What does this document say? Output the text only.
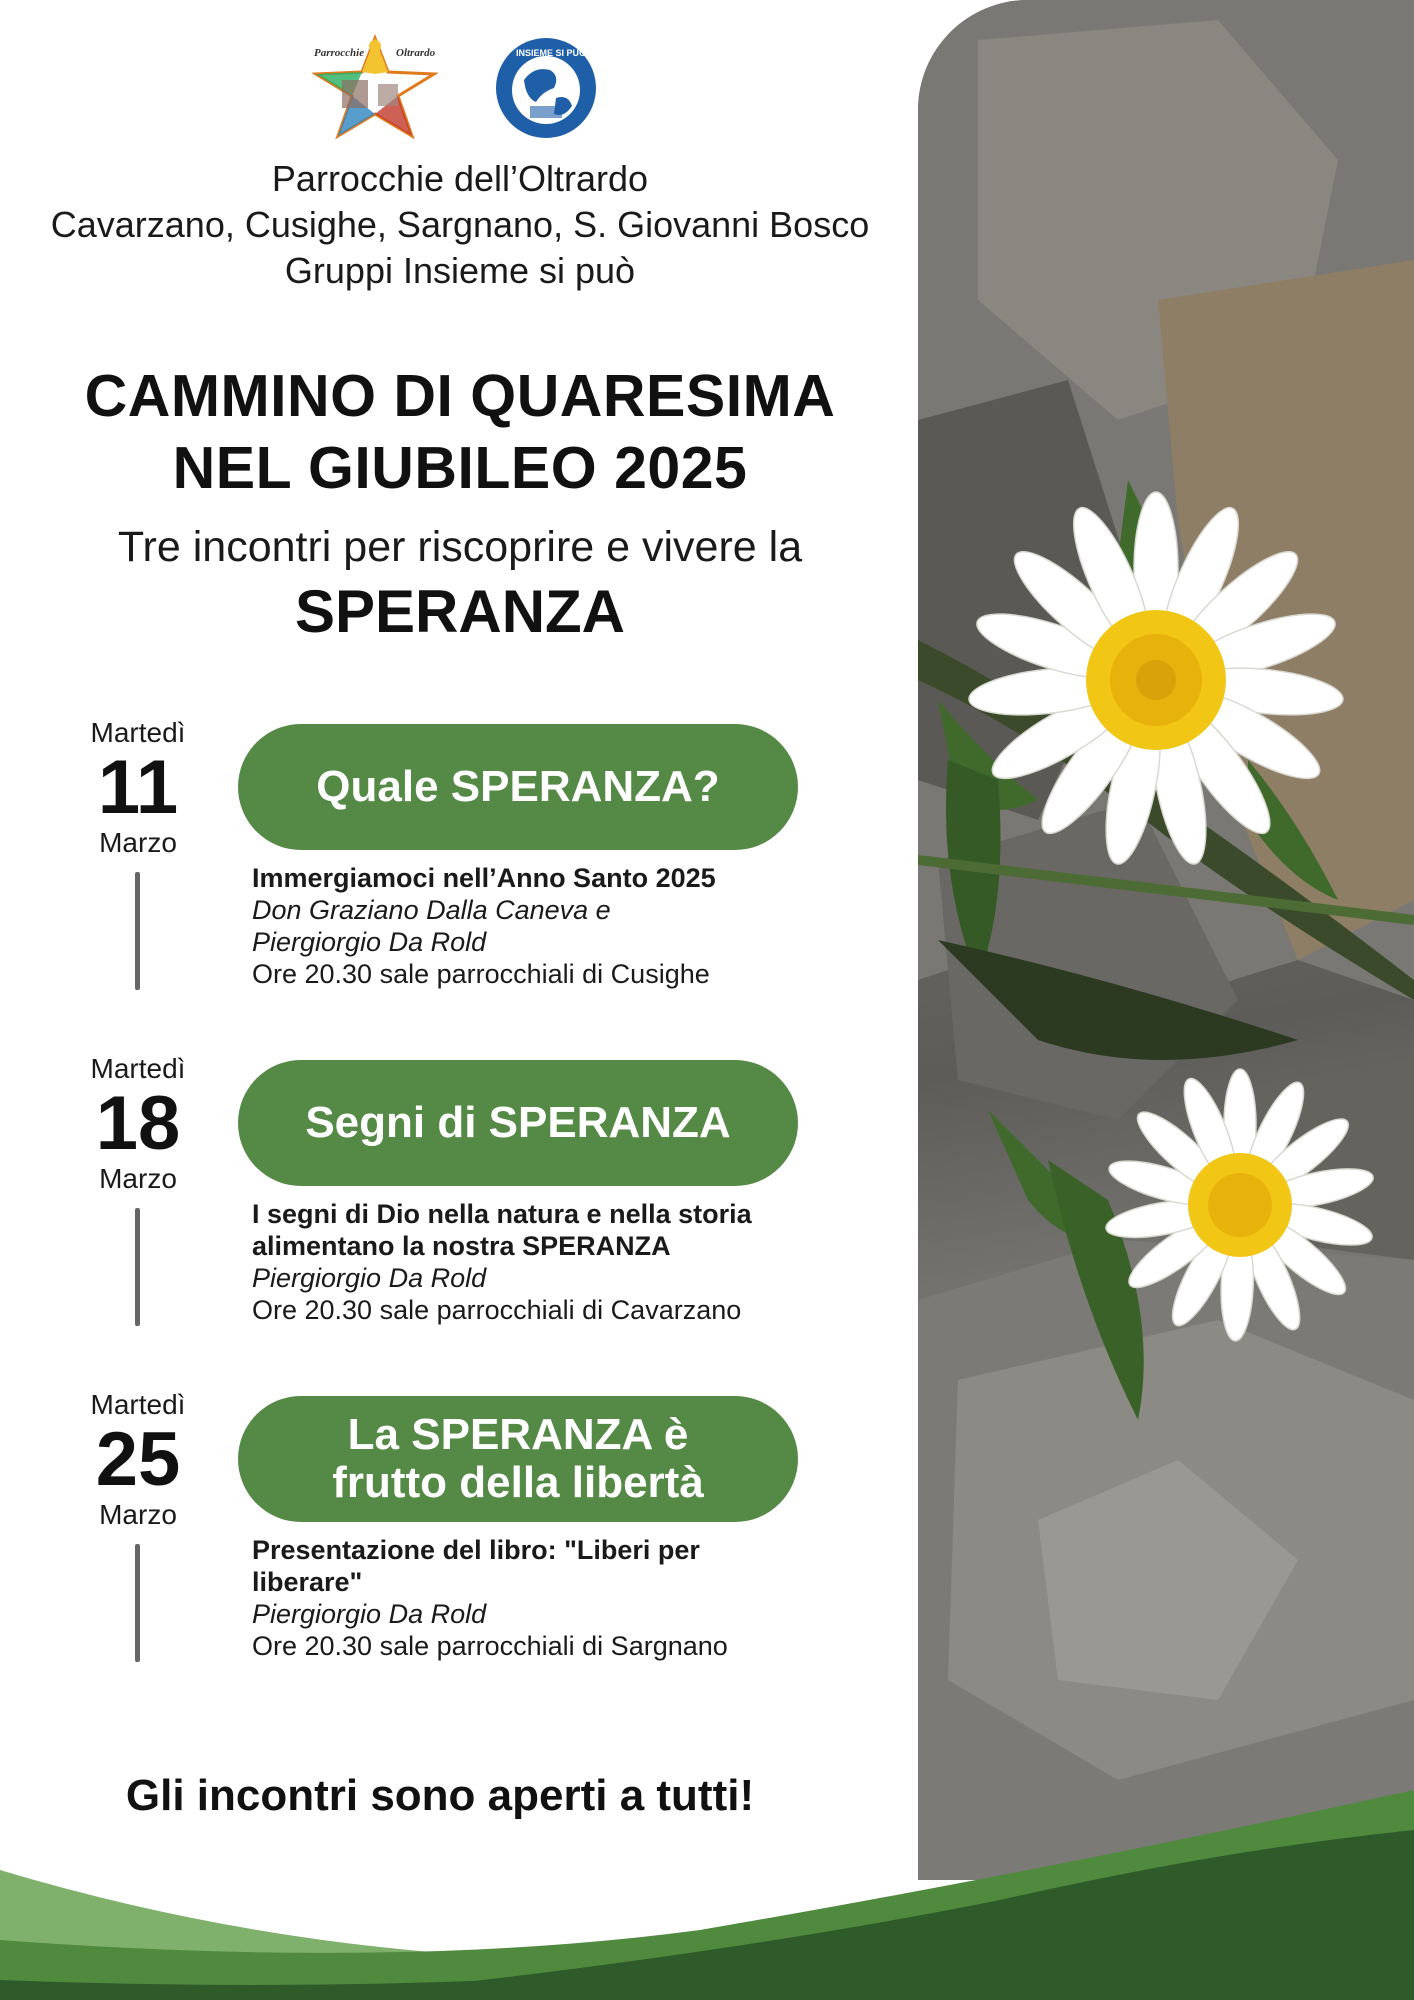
Parrocchie	Oltrardo	INSIEME SI PUÒ
Parrocchie dell’Oltrardo
Cavarzano, Cusighe, Sargnano, S. Giovanni Bosco
Gruppi Insieme si può
CAMMINO DI QUARESIMA
NEL GIUBILEO 2025
Tre incontri per riscoprire e vivere la
SPERANZA
Martedì
11
Marzo
Quale SPERANZA?
Immergiamoci nell’Anno Santo 2025
Don Graziano Dalla Caneva e Piergiorgio Da Rold
Ore 20.30 sale parrocchiali di Cusighe
Martedì
18
Marzo
Segni di SPERANZA
I segni di Dio nella natura e nella storia alimentano la nostra SPERANZA
Piergiorgio Da Rold
Ore 20.30 sale parrocchiali di Cavarzano
Martedì
25
Marzo
La SPERANZA è frutto della libertà
Presentazione del libro: "Liberi per liberare"
Piergiorgio Da Rold
Ore 20.30 sale parrocchiali di Sargnano
Gli incontri sono aperti a tutti!
